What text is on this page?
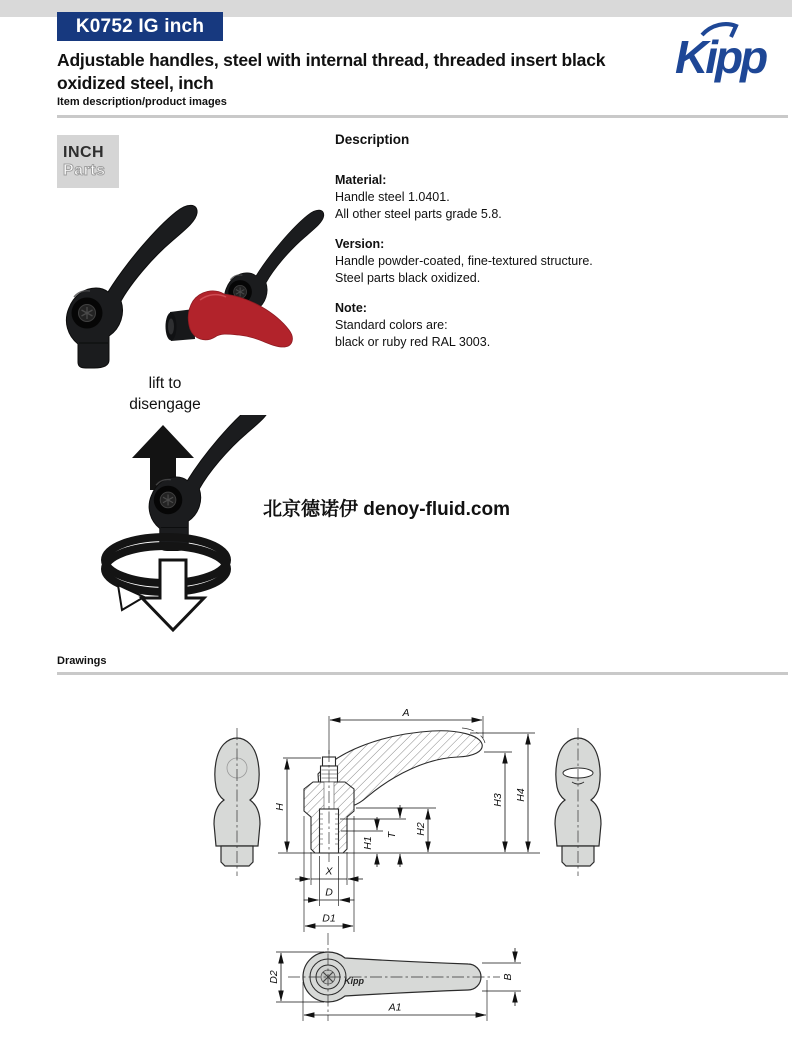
K0752 IG inch
Kipp
Adjustable handles, steel with internal thread, threaded insert black oxidized steel, inch
Item description/product images
INCH
Parts
lift to
disengage
北京德诺伊 denoy-fluid.com
Description

Material:

Handle steel 1.0401.

All other steel parts grade 5.8.

Version:

Handle powder-coated, fine-textured structure.

Steel parts black oxidized.

Note:

Standard colors are:

black or ruby red RAL 3003.

Drawings
A
H
H1
T H2
H3 H4
X
D
D1
Kipp
D2	B
A1
